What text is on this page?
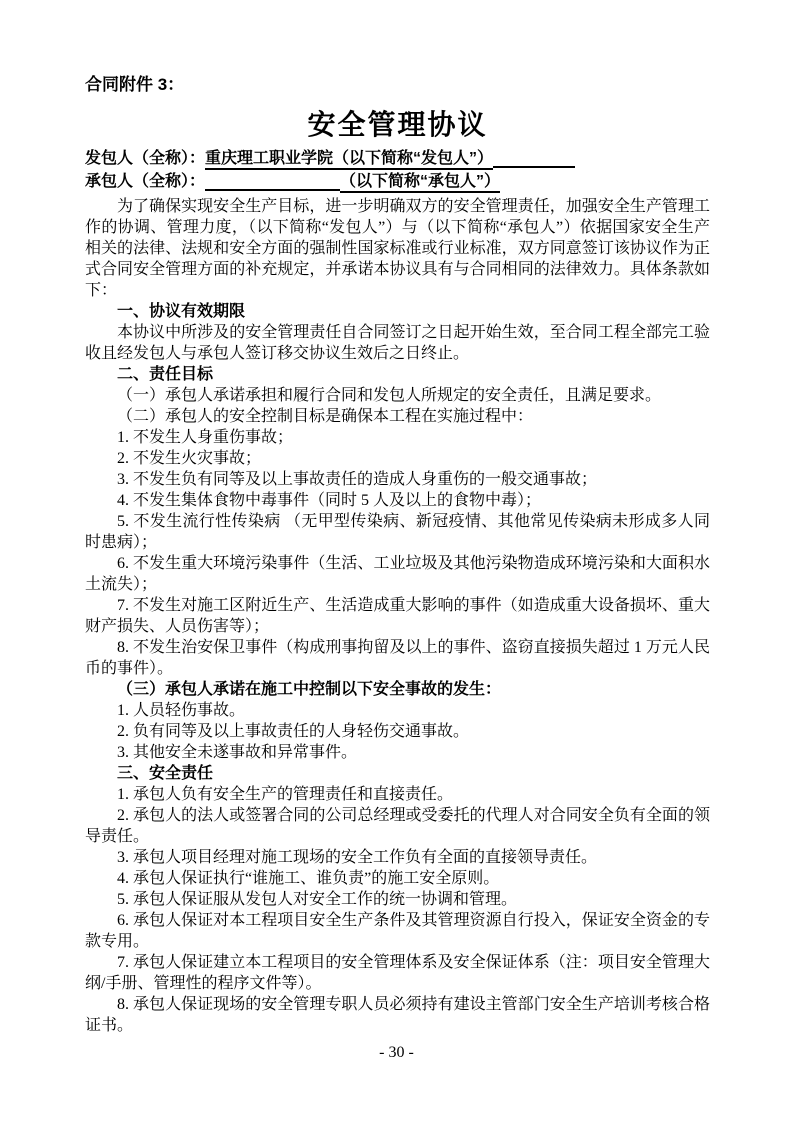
合同附件 3：

安全管理协议

发包人（全称）：重庆理工职业学院（以下简称“发包人”）

承包人（全称）：	（以下简称“承包人”）

为了确保实现安全生产目标，进一步明确双方的安全管理责任，加强安全生产管理工作的协调、管理力度，（以下简称“发包人”）与（以下简称“承包人”）依据国家安全生产相关的法律、法规和安全方面的强制性国家标准或行业标准，双方同意签订该协议作为正式合同安全管理方面的补充规定，并承诺本协议具有与合同相同的法律效力。具体条款如下：

一、协议有效期限

本协议中所涉及的安全管理责任自合同签订之日起开始生效，至合同工程全部完工验收且经发包人与承包人签订移交协议生效后之日终止。

二、责任目标

（一）承包人承诺承担和履行合同和发包人所规定的安全责任，且满足要求。

（二）承包人的安全控制目标是确保本工程在实施过程中：

1. 不发生人身重伤事故；

2. 不发生火灾事故；

3. 不发生负有同等及以上事故责任的造成人身重伤的一般交通事故；

4. 不发生集体食物中毒事件（同时 5 人及以上的食物中毒）；

5. 不发生流行性传染病 （无甲型传染病、新冠疫情、其他常见传染病未形成多人同时患病）；

6. 不发生重大环境污染事件（生活、工业垃圾及其他污染物造成环境污染和大面积水土流失）；

7. 不发生对施工区附近生产、生活造成重大影响的事件（如造成重大设备损坏、重大财产损失、人员伤害等）；

8. 不发生治安保卫事件（构成刑事拘留及以上的事件、盗窃直接损失超过 1 万元人民币的事件）。

（三）承包人承诺在施工中控制以下安全事故的发生：

1. 人员轻伤事故。

2. 负有同等及以上事故责任的人身轻伤交通事故。

3. 其他安全未遂事故和异常事件。

三、安全责任

1. 承包人负有安全生产的管理责任和直接责任。

2. 承包人的法人或签署合同的公司总经理或受委托的代理人对合同安全负有全面的领导责任。

3. 承包人项目经理对施工现场的安全工作负有全面的直接领导责任。

4. 承包人保证执行“谁施工、谁负责”的施工安全原则。

5. 承包人保证服从发包人对安全工作的统一协调和管理。

6. 承包人保证对本工程项目安全生产条件及其管理资源自行投入，保证安全资金的专款专用。

7. 承包人保证建立本工程项目的安全管理体系及安全保证体系（注：项目安全管理大纲/手册、管理性的程序文件等）。

8. 承包人保证现场的安全管理专职人员必须持有建设主管部门安全生产培训考核合格证书。

- 30 -
